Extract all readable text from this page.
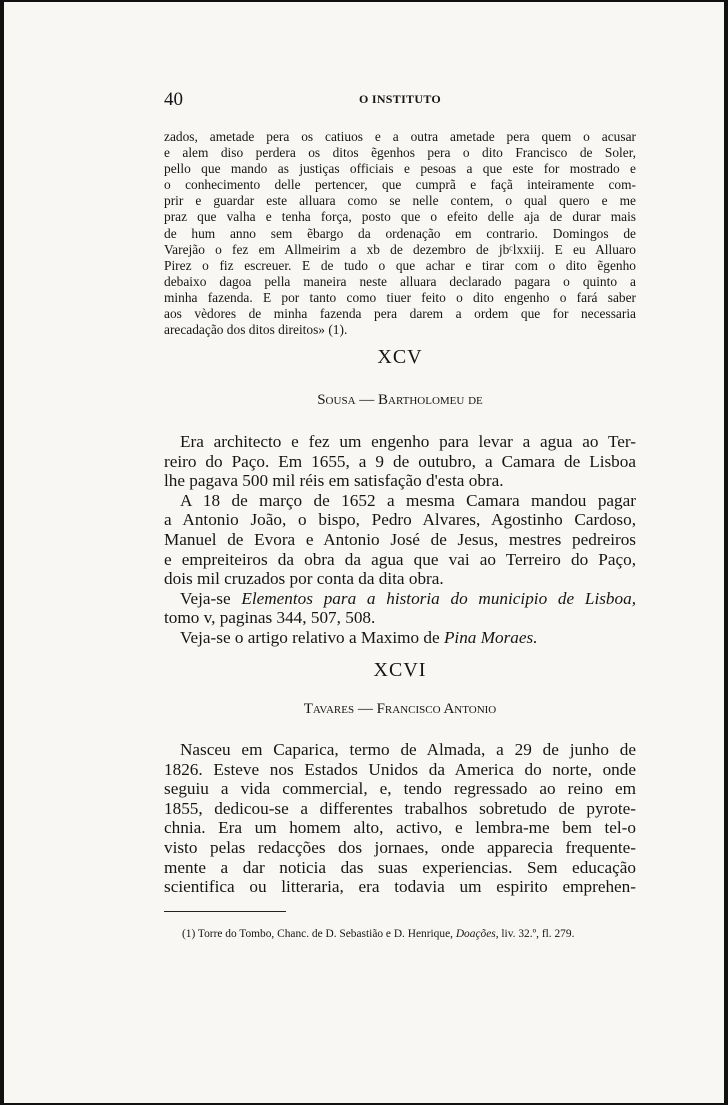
40	O INSTITUTO
zados, ametade pera os catiuos e a outra ametade pera quem o acusar
e alem diso perdera os ditos ẽgenhos pera o dito Francisco de Soler,
pello que mando as justiças officiais e pesoas a que este for mostrado e
o conhecimento delle pertencer, que cumprã e façã inteiramente com-
prir e guardar este alluara como se nelle contem, o qual quero e me
praz que valha e tenha força, posto que o efeito delle aja de durar mais
de hum anno sem ẽbargo da ordenação em contrario. Domingos de
Varejão o fez em Allmeirim a xb de dezembro de jbᶜlxxiij. E eu Alluaro
Pirez o fiz escreuer. E de tudo o que achar e tirar com o dito ẽgenho
debaixo dagoa pella maneira neste alluara declarado pagara o quinto a
minha fazenda. E por tanto como tiuer feito o dito engenho o fará saber
aos vèdores de minha fazenda pera darem a ordem que for necessaria
arecadação dos ditos direitos» (1).
XCV
Sousa — Bartholomeu de
Era architecto e fez um engenho para levar a agua ao Ter-
reiro do Paço. Em 1655, a 9 de outubro, a Camara de Lisboa
lhe pagava 500 mil réis em satisfação d'esta obra.
A 18 de março de 1652 a mesma Camara mandou pagar
a Antonio João, o bispo, Pedro Alvares, Agostinho Cardoso,
Manuel de Evora e Antonio José de Jesus, mestres pedreiros
e empreiteiros da obra da agua que vai ao Terreiro do Paço,
dois mil cruzados por conta da dita obra.
Veja-se Elementos para a historia do municipio de Lisboa,
tomo v, paginas 344, 507, 508.
Veja-se o artigo relativo a Maximo de Pina Moraes.
XCVI
Tavares — Francisco Antonio
Nasceu em Caparica, termo de Almada, a 29 de junho de
1826. Esteve nos Estados Unidos da America do norte, onde
seguiu a vida commercial, e, tendo regressado ao reino em
1855, dedicou-se a differentes trabalhos sobretudo de pyrote-
chnia. Era um homem alto, activo, e lembra-me bem tel-o
visto pelas redacções dos jornaes, onde apparecia frequente-
mente a dar noticia das suas experiencias. Sem educação
scientifica ou litteraria, era todavia um espirito emprehen-
(1) Torre do Tombo, Chanc. de D. Sebastião e D. Henrique, Doações, liv. 32.º, fl. 279.
